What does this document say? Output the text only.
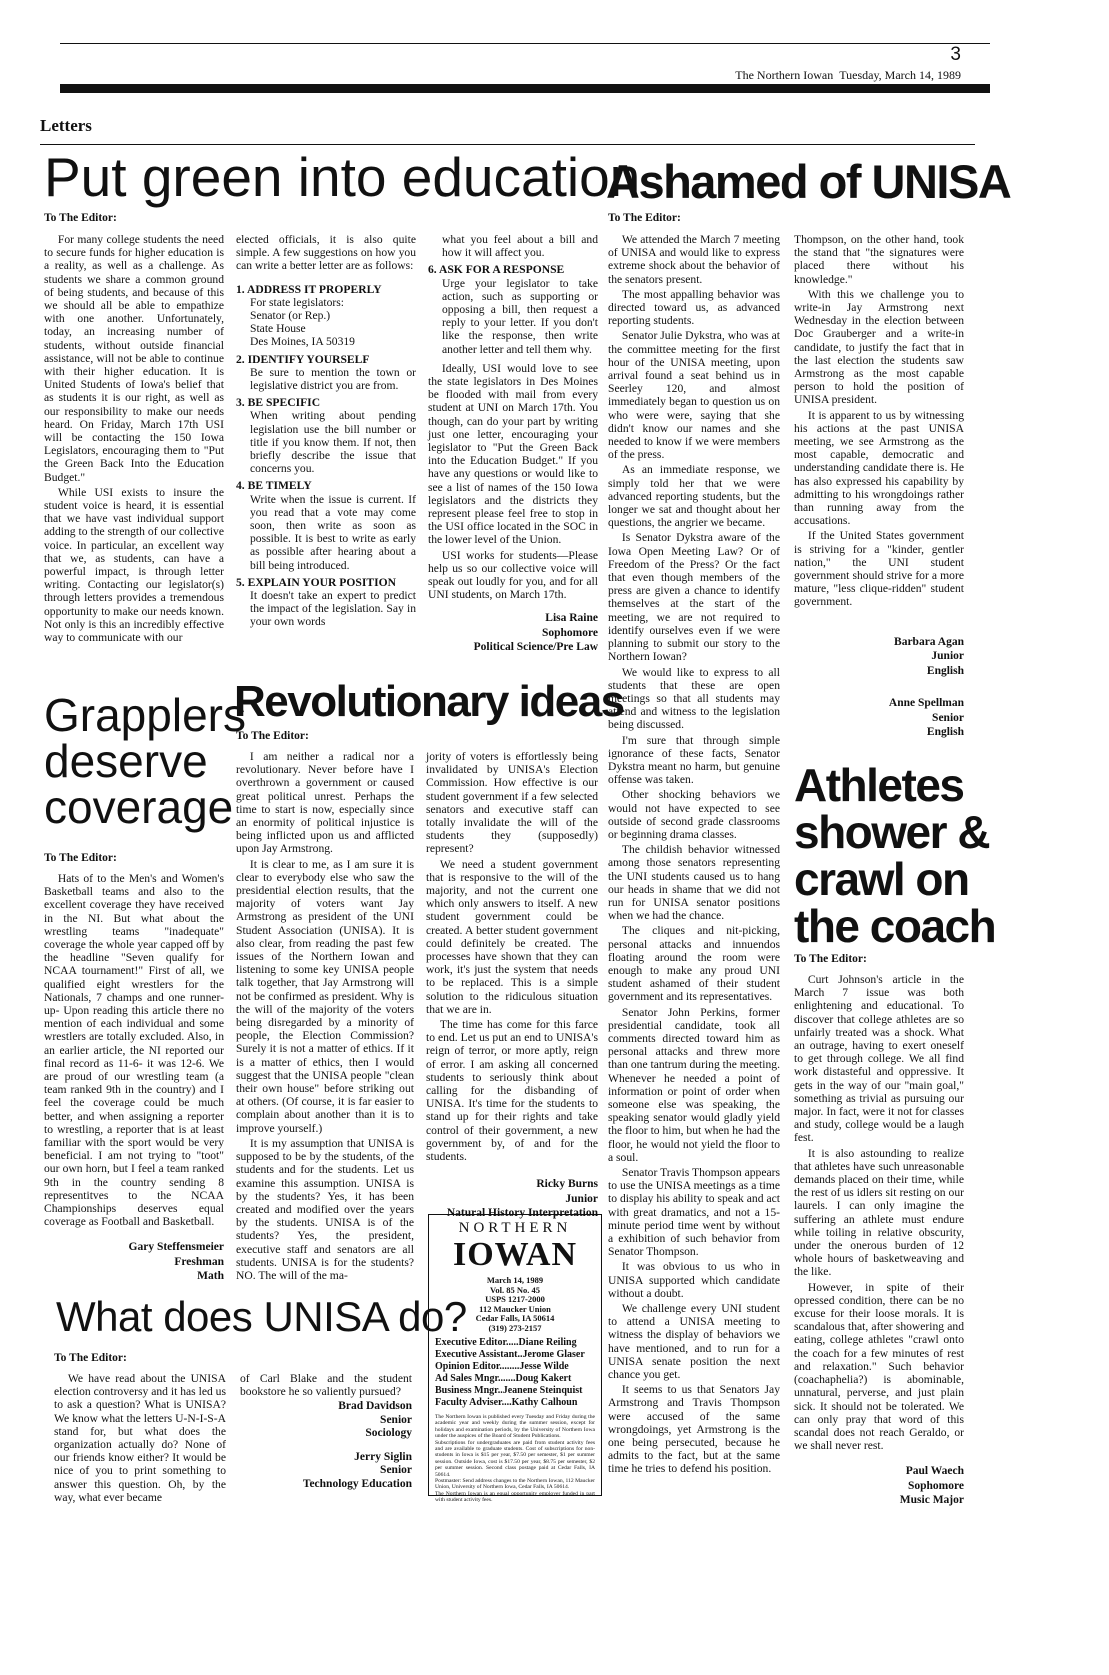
3
The Northern Iowan Tuesday, March 14, 1989
Letters
Put green into education
To The Editor:

For many college students the need to secure funds for higher education is a reality, as well as a challenge. As students we share a common ground of being students, and because of this we should all be able to empathize with one another. Unfortunately, today, an increasing number of students, without outside financial assistance, will not be able to continue with their higher education. It is United Students of Iowa's belief that as students it is our right, as well as our responsibility to make our needs heard. On Friday, March 17th USI will be contacting the 150 Iowa Legislators, encouraging them to "Put the Green Back Into the Education Budget."

While USI exists to insure the student voice is heard, it is essential that we have vast individual support adding to the strength of our collective voice. In particular, an excellent way that we, as students, can have a powerful impact, is through letter writing. Contacting our legislator(s) through letters provides a tremendous opportunity to make our needs known. Not only is this an incredibly effective way to communicate with our

elected officials, it is also quite simple. A few suggestions on how you can write a better letter are as follows:

1. ADDRESS IT PROPERLY
For state legislators:
Senator (or Rep.)
State House
Des Moines, IA 50319
2. IDENTIFY YOURSELF
Be sure to mention the town or legislative district you are from.
3. BE SPECIFIC
When writing about pending legislation use the bill number or title if you know them. If not, then briefly describe the issue that concerns you.
4. BE TIMELY
Write when the issue is current. If you read that a vote may come soon, then write as soon as possible. It is best to write as early as possible after hearing about a bill being introduced.
5. EXPLAIN YOUR POSITION
It doesn't take an expert to predict the impact of the legislation. Say in your own words
what you feel about a bill and how it will affect you.
6. ASK FOR A RESPONSE
Urge your legislator to take action, such as supporting or opposing a bill, then request a reply to your letter. If you don't like the response, then write another letter and tell them why.

Ideally, USI would love to see the state legislators in Des Moines be flooded with mail from every student at UNI on March 17th. You though, can do your part by writing just one letter, encouraging your legislator to "Put the Green Back into the Education Budget." If you have any questions or would like to see a list of names of the 150 Iowa legislators and the districts they represent please feel free to stop in the USI office located in the SOC in the lower level of the Union.

USI works for students—Please help us so our collective voice will speak out loudly for you, and for all UNI students, on March 17th.

Lisa Raine
Sophomore
Political Science/Pre Law
Ashamed of UNISA
To The Editor:

We attended the March 7 meeting of UNISA and would like to express extreme shock about the behavior of the senators present.

The most appalling behavior was directed toward us, as advanced reporting students.

Senator Julie Dykstra, who was at the committee meeting for the first hour of the UNISA meeting, upon arrival found a seat behind us in Seerley 120, and almost immediately began to question us on who were were, saying that she didn't know our names and she needed to know if we were members of the press.

As an immediate response, we simply told her that we were advanced reporting students, but the longer we sat and thought about her questions, the angrier we became.

Is Senator Dykstra aware of the Iowa Open Meeting Law? Or of Freedom of the Press? Or the fact that even though members of the press are given a chance to identify themselves at the start of the meeting, we are not required to identify ourselves even if we were planning to submit our story to the Northern Iowan?

We would like to express to all students that these are open meetings so that all students may attend and witness to the legislation being discussed.

I'm sure that through simple ignorance of these facts, Senator Dykstra meant no harm, but genuine offense was taken.

Other shocking behaviors we would not have expected to see outside of second grade classrooms or beginning drama classes.

The childish behavior witnessed among those senators representing the UNI students caused us to hang our heads in shame that we did not run for UNISA senator positions when we had the chance.

The cliques and nit-picking, personal attacks and innuendos floating around the room were enough to make any proud UNI student ashamed of their student government and its representatives.

Senator John Perkins, former presidential candidate, took all comments directed toward him as personal attacks and threw more than one tantrum during the meeting. Whenever he needed a point of information or point of order when someone else was speaking, the speaking senator would gladly yield the floor to him, but when he had the floor, he would not yield the floor to a soul.

Senator Travis Thompson appears to use the UNISA meetings as a time to display his ability to speak and act with great dramatics, and not a 15-minute period time went by without a exhibition of such behavior from Senator Thompson.

It was obvious to us who in UNISA supported which candidate without a doubt.

We challenge every UNI student to attend a UNISA meeting to witness the display of behaviors we have mentioned, and to run for a UNISA senate position the next chance you get.

It seems to us that Senators Jay Armstrong and Travis Thompson were accused of the same wrongdoings, yet Armstrong is the one being persecuted, because he admits to the fact, but at the same time he tries to defend his position.

Thompson, on the other hand, took the stand that "the signatures were placed there without his knowledge."

With this we challenge you to write-in Jay Armstrong next Wednesday in the election between Doc Grauberger and a write-in candidate, to justify the fact that in the last election the students saw Armstrong as the most capable person to hold the position of UNISA president.

It is apparent to us by witnessing his actions at the past UNISA meeting, we see Armstrong as the most capable, democratic and understanding candidate there is. He has also expressed his capability by admitting to his wrongdoings rather than running away from the accusations.

If the United States government is striving for a "kinder, gentler nation," the UNI student government should strive for a more mature, "less clique-ridden" student government.

Barbara Agan
Junior
English
Anne Spellman
Senior
English
Grapplers
deserve
coverage
To The Editor:

Hats of to the Men's and Women's Basketball teams and also to the excellent coverage they have received in the NI. But what about the wrestling teams "inadequate" coverage the whole year capped off by the headline "Seven qualify for NCAA tournament!" First of all, we qualified eight wrestlers for the Nationals, 7 champs and one runner-up- Upon reading this article there no mention of each individual and some wrestlers are totally excluded. Also, in an earlier article, the NI reported our final record as 11-6- it was 12-6. We are proud of our wrestling team (a team ranked 9th in the country) and I feel the coverage could be much better, and when assigning a reporter to wrestling, a reporter that is at least familiar with the sport would be very beneficial. I am not trying to "toot" our own horn, but I feel a team ranked 9th in the country sending 8 representitves to the NCAA Championships deserves equal coverage as Football and Basketball.

Gary Steffensmeier
Freshman
Math
Revolutionary ideas
To The Editor:

I am neither a radical nor a revolutionary. Never before have I overthrown a government or caused great political unrest. Perhaps the time to start is now, especially since an enormity of political injustice is being inflicted upon us and afflicted upon Jay Armstrong.

It is clear to me, as I am sure it is clear to everybody else who saw the presidential election results, that the majority of voters want Jay Armstrong as president of the UNI Student Association (UNISA). It is also clear, from reading the past few issues of the Northern Iowan and listening to some key UNISA people talk together, that Jay Armstrong will not be confirmed as president. Why is the will of the majority of the voters being disregarded by a minority of people, the Election Commission? Surely it is not a matter of ethics. If it is a matter of ethics, then I would suggest that the UNISA people "clean their own house" before striking out at others. (Of course, it is far easier to complain about another than it is to improve yourself.)

It is my assumption that UNISA is supposed to be by the students, of the students and for the students. Let us examine this assumption. UNISA is by the students? Yes, it has been created and modified over the years by the students. UNISA is of the students? Yes, the president, executive staff and senators are all students. UNISA is for the students? NO. The will of the ma-

jority of voters is effortlessly being invalidated by UNISA's Election Commission. How effective is our student government if a few selected senators and executive staff can totally invalidate the will of the students they (supposedly) represent?

We need a student government that is responsive to the will of the majority, and not the current one which only answers to itself. A new student government could be created. A better student government could definitely be created. The processes have shown that they can work, it's just the system that needs to be replaced. This is a simple solution to the ridiculous situation that we are in.

The time has come for this farce to end. Let us put an end to UNISA's reign of terror, or more aptly, reign of error. I am asking all concerned students to seriously think about calling for the disbanding of UNISA. It's time for the students to stand up for their rights and take control of their government, a new government by, of and for the students.

Ricky Burns
Junior
Natural History Interpretation
NORTHERN
IOWAN
March 14, 1989
Vol. 85 No. 45
USPS 1217-2000
112 Maucker Union
Cedar Falls, IA 50614
(319) 273-2157
Executive Editor.....Diane Reiling
Executive Assistant..Jerome Glaser
Opinion Editor........Jesse Wilde
Ad Sales Mngr.......Doug Kakert
Business Mngr..Jeanene Steinquist
Faculty Adviser....Kathy Calhoun
The Northern Iowan is published every Tuesday and Friday during the academic year and weekly during the summer session, except for holidays and examination periods, by the University of Northern Iowa under the auspices of the Board of Student Publications.
Subscriptions for undergraduates are paid from student activity fees and are available to graduate students. Cost of subscriptions for non-students in Iowa is $15 per year, $7.50 per semester, $1 per summer session. Outside Iowa, cost is $17.50 per year, $8.75 per semester, $2 per summer session. Second class postage paid at Cedar Falls, IA 50614.
Postmaster: Send address changes to the Northern Iowan, 112 Maucker Union, University of Northern Iowa, Cedar Falls, IA 50614.
The Northern Iowan is an equal opportunity employer funded in part with student activity fees.
What does UNISA do?
To The Editor:

We have read about the UNISA election controversy and it has led us to ask a question? What is UNISA? We know what the letters U-N-I-S-A stand for, but what does the organization actually do? None of our friends know either? It would be nice of you to print something to answer this question. Oh, by the way, what ever became

of Carl Blake and the student bookstore he so valiently pursued?

Brad Davidson
Senior
Sociology
Jerry Siglin
Senior
Technology Education
Athletes
shower &
crawl on
the coach
To The Editor:

Curt Johnson's article in the March 7 issue was both enlightening and educational. To discover that college athletes are so unfairly treated was a shock. What an outrage, having to exert oneself to get through college. We all find work distasteful and oppressive. It gets in the way of our "main goal," something as trivial as pursuing our major. In fact, were it not for classes and study, college would be a laugh fest.

It is also astounding to realize that athletes have such unreasonable demands placed on their time, while the rest of us idlers sit resting on our laurels. I can only imagine the suffering an athlete must endure while toiling in relative obscurity, under the onerous burden of 12 whole hours of basketweaving and the like.

However, in spite of their opressed condition, there can be no excuse for their loose morals. It is scandalous that, after showering and eating, college athletes "crawl onto the coach for a few minutes of rest and relaxation." Such behavior (coachaphelia?) is abominable, unnatural, perverse, and just plain sick. It should not be tolerated. We can only pray that word of this scandal does not reach Geraldo, or we shall never rest.

Paul Waech
Sophomore
Music Major
